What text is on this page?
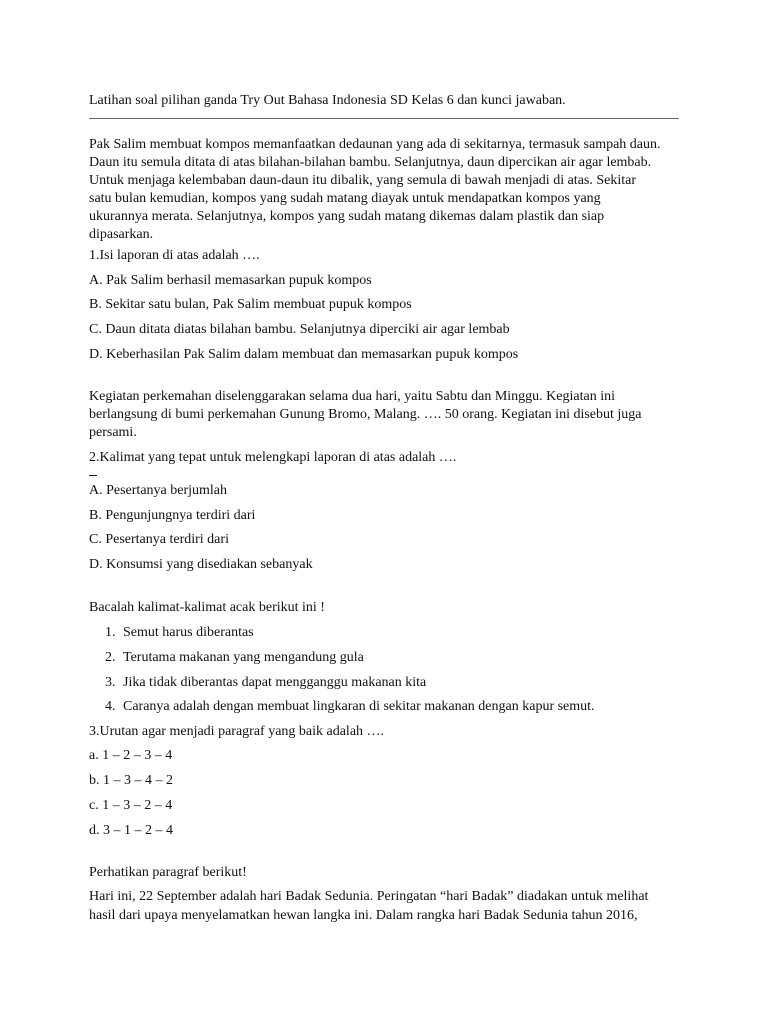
Latihan soal pilihan ganda Try Out Bahasa Indonesia SD Kelas 6 dan kunci jawaban.
Pak Salim membuat kompos memanfaatkan dedaunan yang ada di sekitarnya, termasuk sampah daun. Daun itu semula ditata di atas bilahan-bilahan bambu. Selanjutnya, daun dipercikan air agar lembab. Untuk menjaga kelembaban daun-daun itu dibalik, yang semula di bawah menjadi di atas. Sekitar satu bulan kemudian, kompos yang sudah matang diayak untuk mendapatkan kompos yang ukurannya merata. Selanjutnya, kompos yang sudah matang dikemas dalam plastik dan siap dipasarkan.
1.Isi laporan di atas adalah ….
A. Pak Salim berhasil memasarkan pupuk kompos
B. Sekitar satu bulan, Pak Salim membuat pupuk kompos
C. Daun ditata diatas bilahan bambu. Selanjutnya diperciki air agar lembab
D. Keberhasilan Pak Salim dalam membuat dan memasarkan pupuk kompos
Kegiatan perkemahan diselenggarakan selama dua hari, yaitu Sabtu dan Minggu. Kegiatan ini berlangsung di bumi perkemahan Gunung Bromo, Malang. …. 50 orang. Kegiatan ini disebut juga persami.
2.Kalimat yang tepat untuk melengkapi laporan di atas adalah ….
A. Pesertanya berjumlah
B. Pengunjungnya terdiri dari
C. Pesertanya terdiri dari
D. Konsumsi yang disediakan sebanyak
Bacalah kalimat-kalimat acak berikut ini !
1. Semut harus diberantas
2. Terutama makanan yang mengandung gula
3. Jika tidak diberantas dapat mengganggu makanan kita
4. Caranya adalah dengan membuat lingkaran di sekitar makanan dengan kapur semut.
3.Urutan agar menjadi paragraf yang baik adalah ….
a. 1 – 2 – 3 – 4
b. 1 – 3 – 4 – 2
c. 1 – 3 – 2 – 4
d. 3 – 1 – 2 – 4
Perhatikan paragraf berikut!
Hari ini, 22 September adalah hari Badak Sedunia. Peringatan “hari Badak” diadakan untuk melihat
hasil dari upaya menyelamatkan hewan langka ini. Dalam rangka hari Badak Sedunia tahun 2016,
